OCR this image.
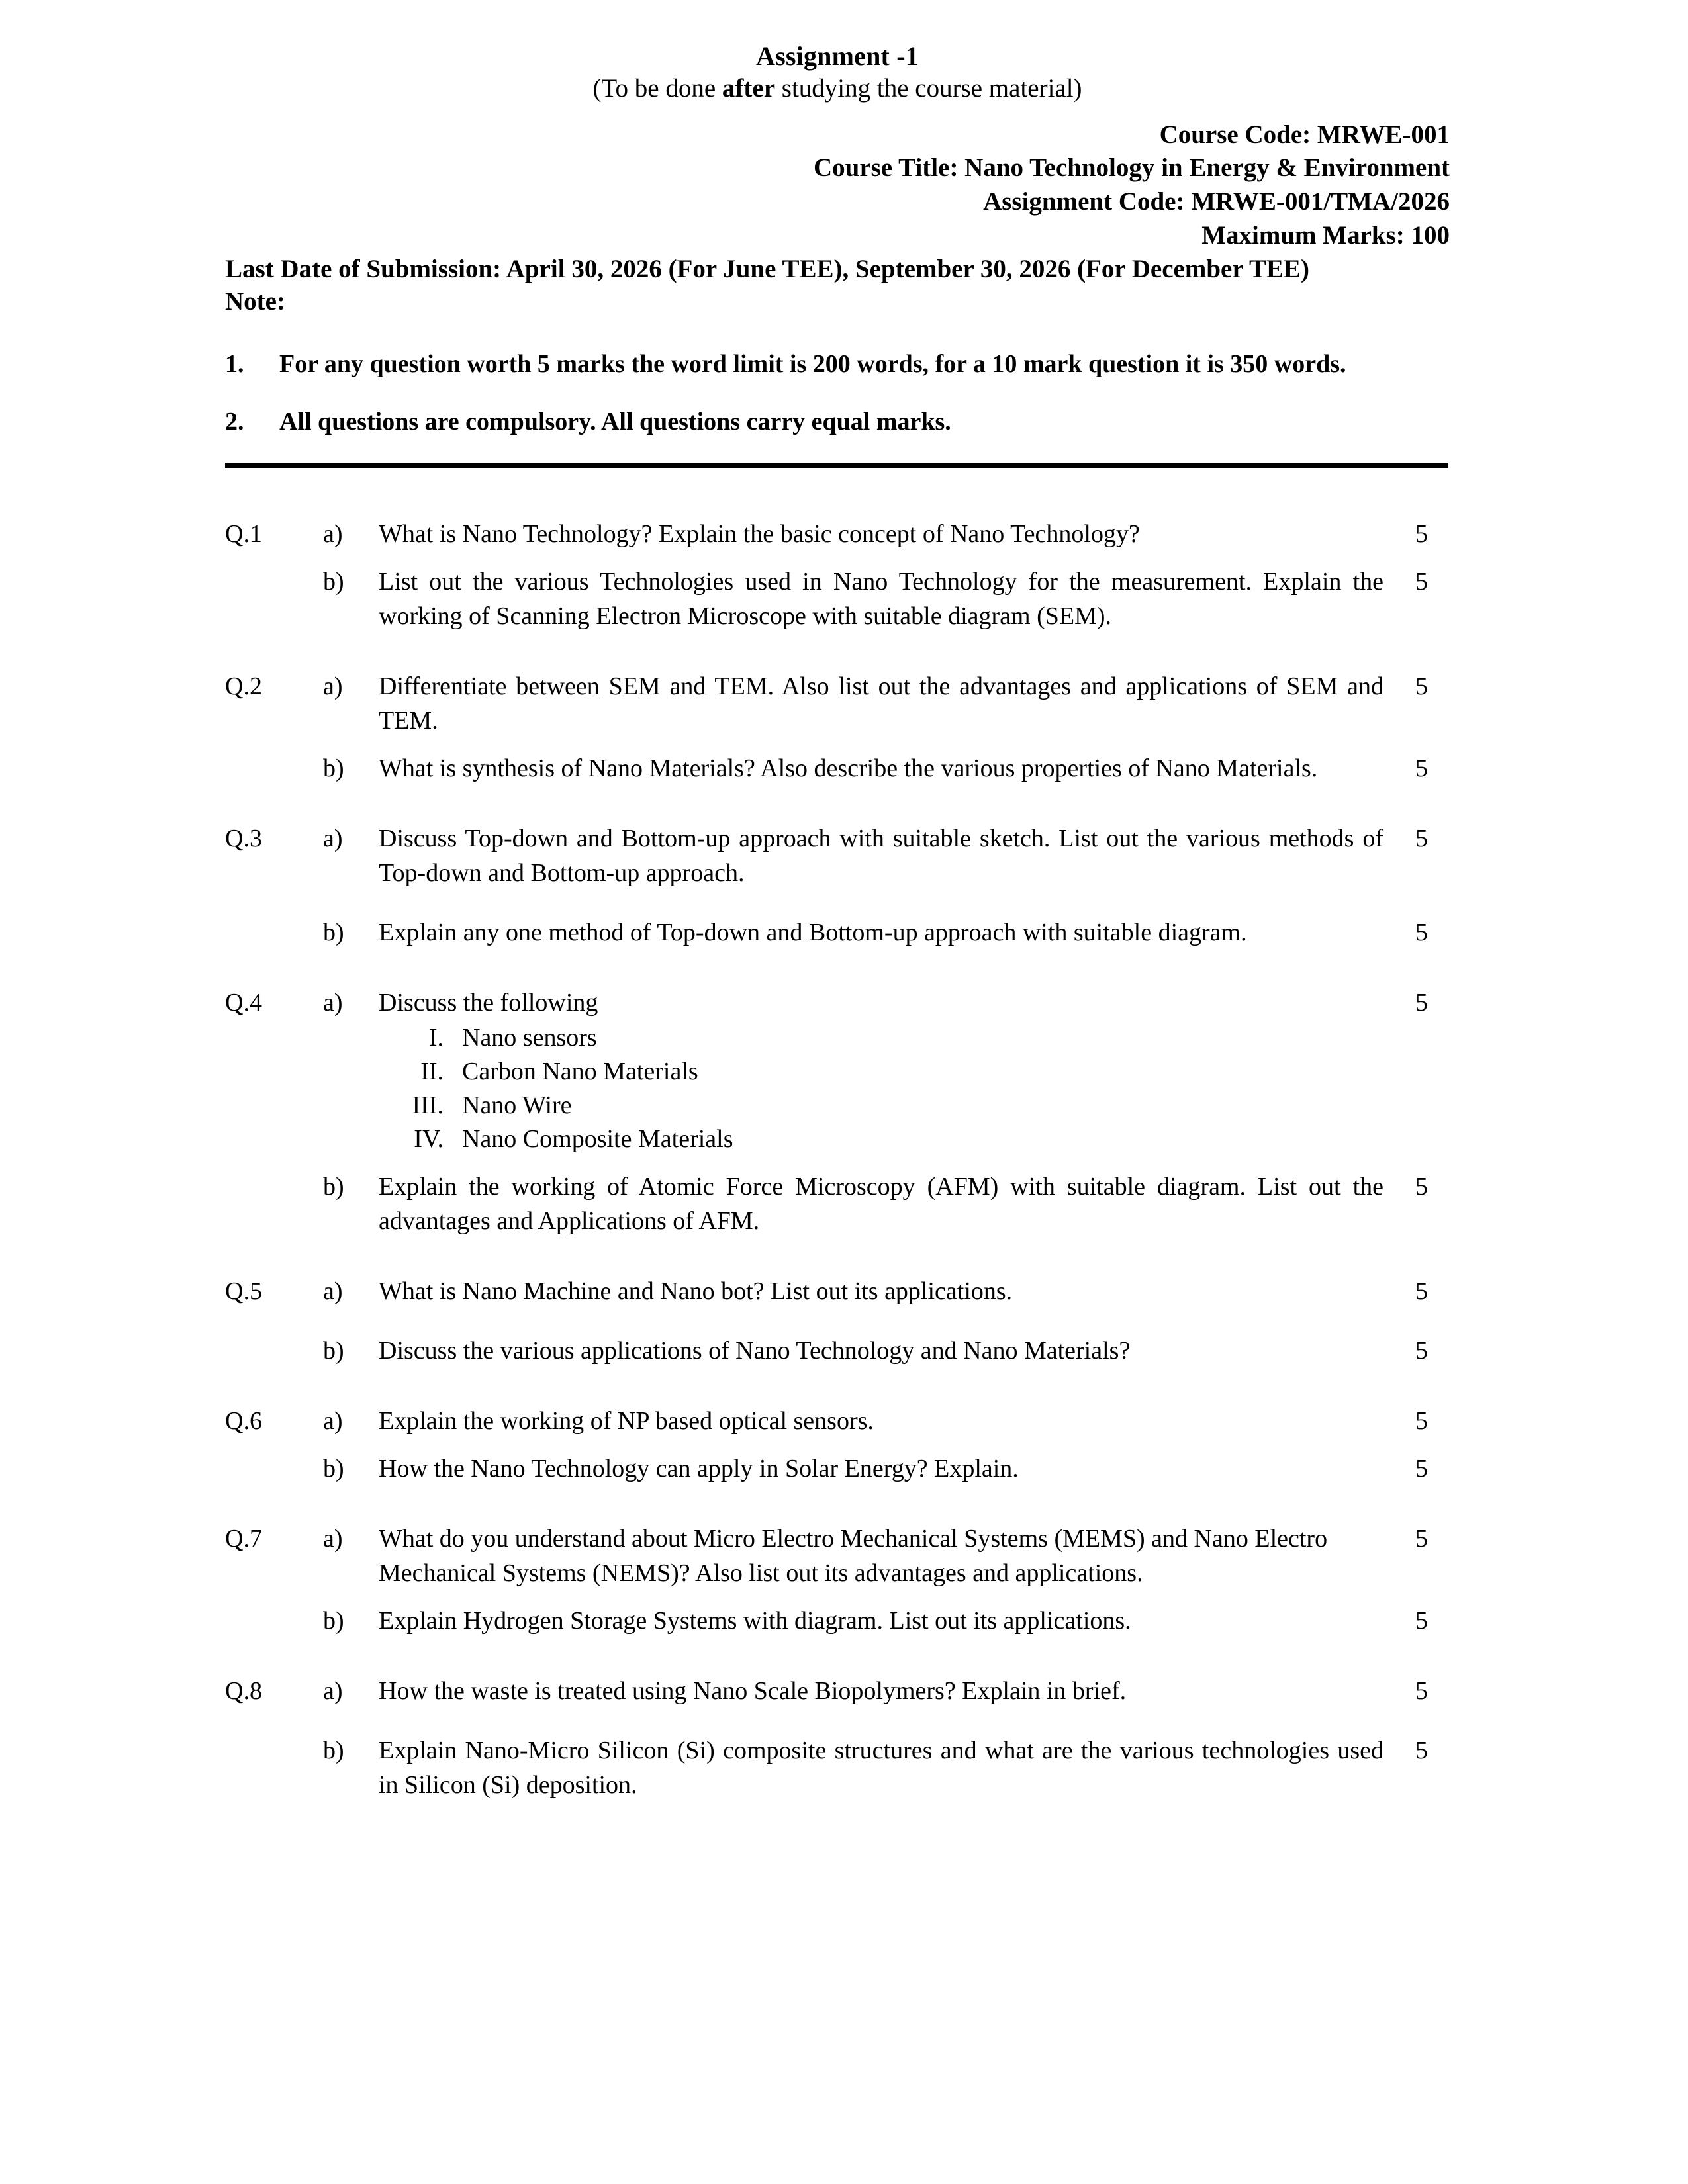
Assignment -1
(To be done after studying the course material)
Course Code: MRWE-001
Course Title: Nano Technology in Energy & Environment
Assignment Code: MRWE-001/TMA/2026
Maximum Marks: 100
Last Date of Submission: April 30, 2026 (For June TEE), September 30, 2026 (For December TEE)
Note:
1.	For any question worth 5 marks the word limit is 200 words, for a 10 mark question it is 350 words.
2.	All questions are compulsory. All questions carry equal marks.
Q.1	a)	What is Nano Technology? Explain the basic concept of Nano Technology?	5
b)	List out the various Technologies used in Nano Technology for the measurement. Explain the working of Scanning Electron Microscope with suitable diagram (SEM).
5
Q.2	a)	Differentiate between SEM and TEM. Also list out the advantages and applications of SEM and TEM.
5
b)	What is synthesis of Nano Materials? Also describe the various properties of Nano Materials.	5
Q.3	a)	Discuss Top-down and Bottom-up approach with suitable sketch. List out the various methods of Top-down and Bottom-up approach.
5
b)	Explain any one method of Top-down and Bottom-up approach with suitable diagram.	5
Q.4	a)	Discuss the following
I. Nano sensors
II. Carbon Nano Materials
III. Nano Wire
IV. Nano Composite Materials
5
b)	Explain the working of Atomic Force Microscopy (AFM) with suitable diagram. List out the advantages and Applications of AFM.
5
Q.5	a)	What is Nano Machine and Nano bot? List out its applications.	5
b)	Discuss the various applications of Nano Technology and Nano Materials?	5
Q.6	a)	Explain the working of NP based optical sensors.	5
b)	How the Nano Technology can apply in Solar Energy? Explain.	5
Q.7	a)	What do you understand about Micro Electro Mechanical Systems (MEMS) and Nano Electro Mechanical Systems (NEMS)? Also list out its advantages and applications.
5
b)	Explain Hydrogen Storage Systems with diagram. List out its applications.	5
Q.8	a)	How the waste is treated using Nano Scale Biopolymers? Explain in brief.	5
b)	Explain Nano-Micro Silicon (Si) composite structures and what are the various technologies used in Silicon (Si) deposition.
5
